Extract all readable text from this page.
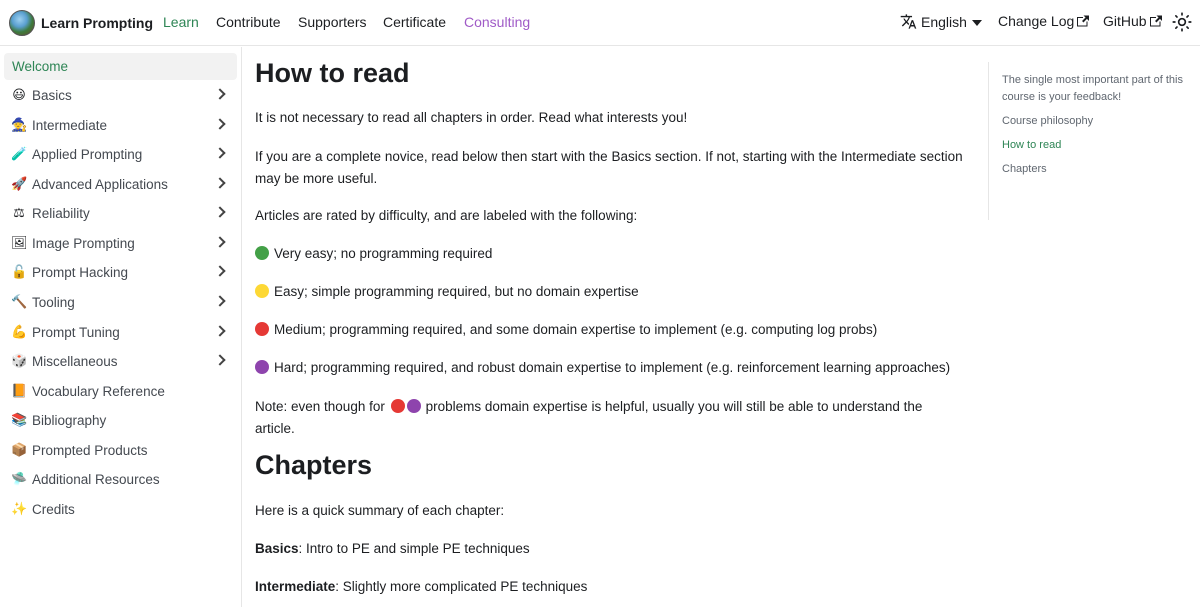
Learn Prompting Learn Contribute Supporters Certificate Consulting	English Change Log GitHub
Welcome
😃 Basics
🧙 Intermediate
🧪 Applied Prompting
🚀 Advanced Applications
⚖ Reliability
🖼 Image Prompting
🔓 Prompt Hacking
🔨 Tooling
💪 Prompt Tuning
🎲 Miscellaneous
📙 Vocabulary Reference
📚 Bibliography
📦 Prompted Products
🛸 Additional Resources
✨ Credits
How to read

It is not necessary to read all chapters in order. Read what interests you!

If you are a complete novice, read below then start with the Basics section. If not, starting with the Intermediate section may be more useful.

Articles are rated by difficulty, and are labeled with the following:

Very easy; no programming required

Easy; simple programming required, but no domain expertise

Medium; programming required, and some domain expertise to implement (e.g. computing log probs)

Hard; programming required, and robust domain expertise to implement (e.g. reinforcement learning approaches)

Note: even though for	problems domain expertise is helpful, usually you will still be able to understand the article.

Chapters

Here is a quick summary of each chapter:

Basics: Intro to PE and simple PE techniques

Intermediate: Slightly more complicated PE techniques

The single most important part of this course is your feedback!
Course philosophy
How to read
Chapters
